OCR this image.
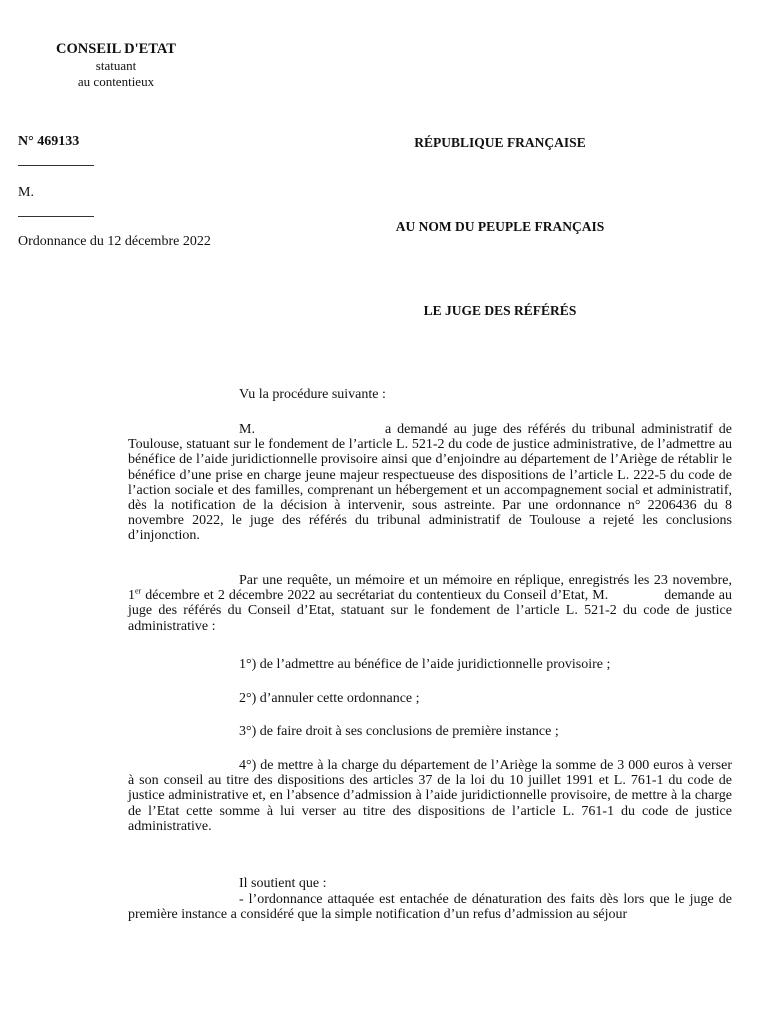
CONSEIL D'ETAT
statuant
au contentieux
N° 469133
M.
Ordonnance du 12 décembre 2022
RÉPUBLIQUE FRANÇAISE
AU NOM DU PEUPLE FRANÇAIS
LE JUGE DES RÉFÉRÉS

Vu la procédure suivante :

M.	a demandé au juge des référés du tribunal administratif de Toulouse, statuant sur le fondement de l’article L. 521-2 du code de justice administrative, de l’admettre au bénéfice de l’aide juridictionnelle provisoire ainsi que d’enjoindre au département de l’Ariège de rétablir le bénéfice d’une prise en charge jeune majeur respectueuse des dispositions de l’article L. 222-5 du code de l’action sociale et des familles, comprenant un hébergement et un accompagnement social et administratif, dès la notification de la décision à intervenir, sous astreinte. Par une ordonnance n° 2206436 du 8 novembre 2022, le juge des référés du tribunal administratif de Toulouse a rejeté les conclusions d’injonction.

Par une requête, un mémoire et un mémoire en réplique, enregistrés les 23 novembre, 1er décembre et 2 décembre 2022 au secrétariat du contentieux du Conseil d’Etat, M.	demande au juge des référés du Conseil d’Etat, statuant sur le fondement de l’article L. 521-2 du code de justice administrative :

1°) de l’admettre au bénéfice de l’aide juridictionnelle provisoire ;

2°) d’annuler cette ordonnance ;

3°) de faire droit à ses conclusions de première instance ;

4°) de mettre à la charge du département de l’Ariège la somme de 3 000 euros à verser à son conseil au titre des dispositions des articles 37 de la loi du 10 juillet 1991 et L. 761-1 du code de justice administrative et, en l’absence d’admission à l’aide juridictionnelle provisoire, de mettre à la charge de l’Etat cette somme à lui verser au titre des dispositions de l’article L. 761-1 du code de justice administrative.

Il soutient que :

- l’ordonnance attaquée est entachée de dénaturation des faits dès lors que le juge de première instance a considéré que la simple notification d’un refus d’admission au séjour
